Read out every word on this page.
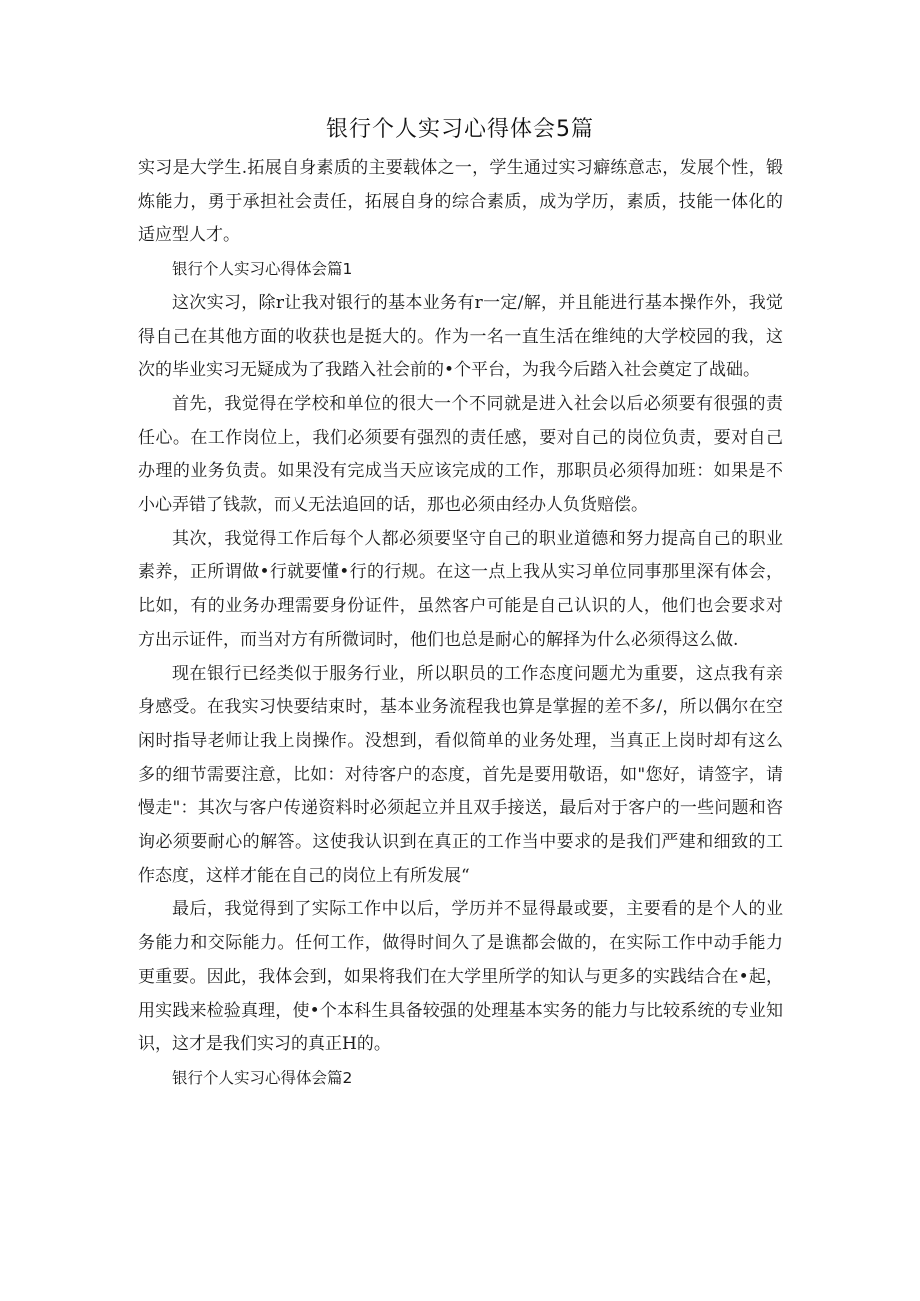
银行个人实习心得体会5篇

实习是大学生.拓展自身素质的主要载体之一，学生通过实习癖练意志，发展个性，锻炼能力，勇于承担社会责任，拓展自身的综合素质，成为学历，素质，技能一体化的适应型人才。

银行个人实习心得体会篇1

这次实习，除r让我对银行的基本业务有r一定/解，并且能进行基本操作外，我觉得自己在其他方面的收获也是挺大的。作为一名一直生活在维纯的大学校园的我，这次的毕业实习无疑成为了我踏入社会前的•个平台，为我今后踏入社会奠定了战础。

首先，我觉得在学校和单位的很大一个不同就是进入社会以后必须要有很强的责任心。在工作岗位上，我们必须要有强烈的责任感，要对自己的岗位负责，要对自己办理的业务负责。如果没有完成当天应该完成的工作，那职员必须得加班：如果是不小心弄错了钱款，而乂无法追回的话，那也必须由经办人负货赔偿。

其次，我觉得工作后每个人都必须要坚守自己的职业道德和努力提高自己的职业素养，正所谓做•行就要懂•行的行规。在这一点上我从实习单位同事那里深有体会，比如，有的业务办理需要身份证件，虽然客户可能是自己认识的人，他们也会要求对方出示证件，而当对方有所微词时，他们也总是耐心的解择为什么必须得这么做.

现在银行已经类似于服务行业，所以职员的工作态度问题尤为重要，这点我有亲身感受。在我实习快要结束时，基本业务流程我也算是掌握的差不多/，所以偶尔在空闲时指导老师让我上岗操作。没想到，看似简单的业务处理，当真正上岗时却有这么多的细节需要注意，比如：对待客户的态度，首先是要用敬语，如"您好，请签字，请慢走"：其次与客户传递资料时必须起立并且双手接送，最后对于客户的一些问题和咨询必须要耐心的解答。这使我认识到在真正的工作当中要求的是我们严建和细致的工作态度，这样才能在自己的岗位上有所发展“

最后，我觉得到了实际工作中以后，学历并不显得最或要，主要看的是个人的业务能力和交际能力。任何工作，做得时间久了是谯都会做的，在实际工作中动手能力更重要。因此，我体会到，如果将我们在大学里所学的知认与更多的实践结合在•起，用实践来检验真理，使•个本科生具备较强的处理基本实务的能力与比较系统的专业知识，这才是我们实习的真正H的。

银行个人实习心得体会篇2
